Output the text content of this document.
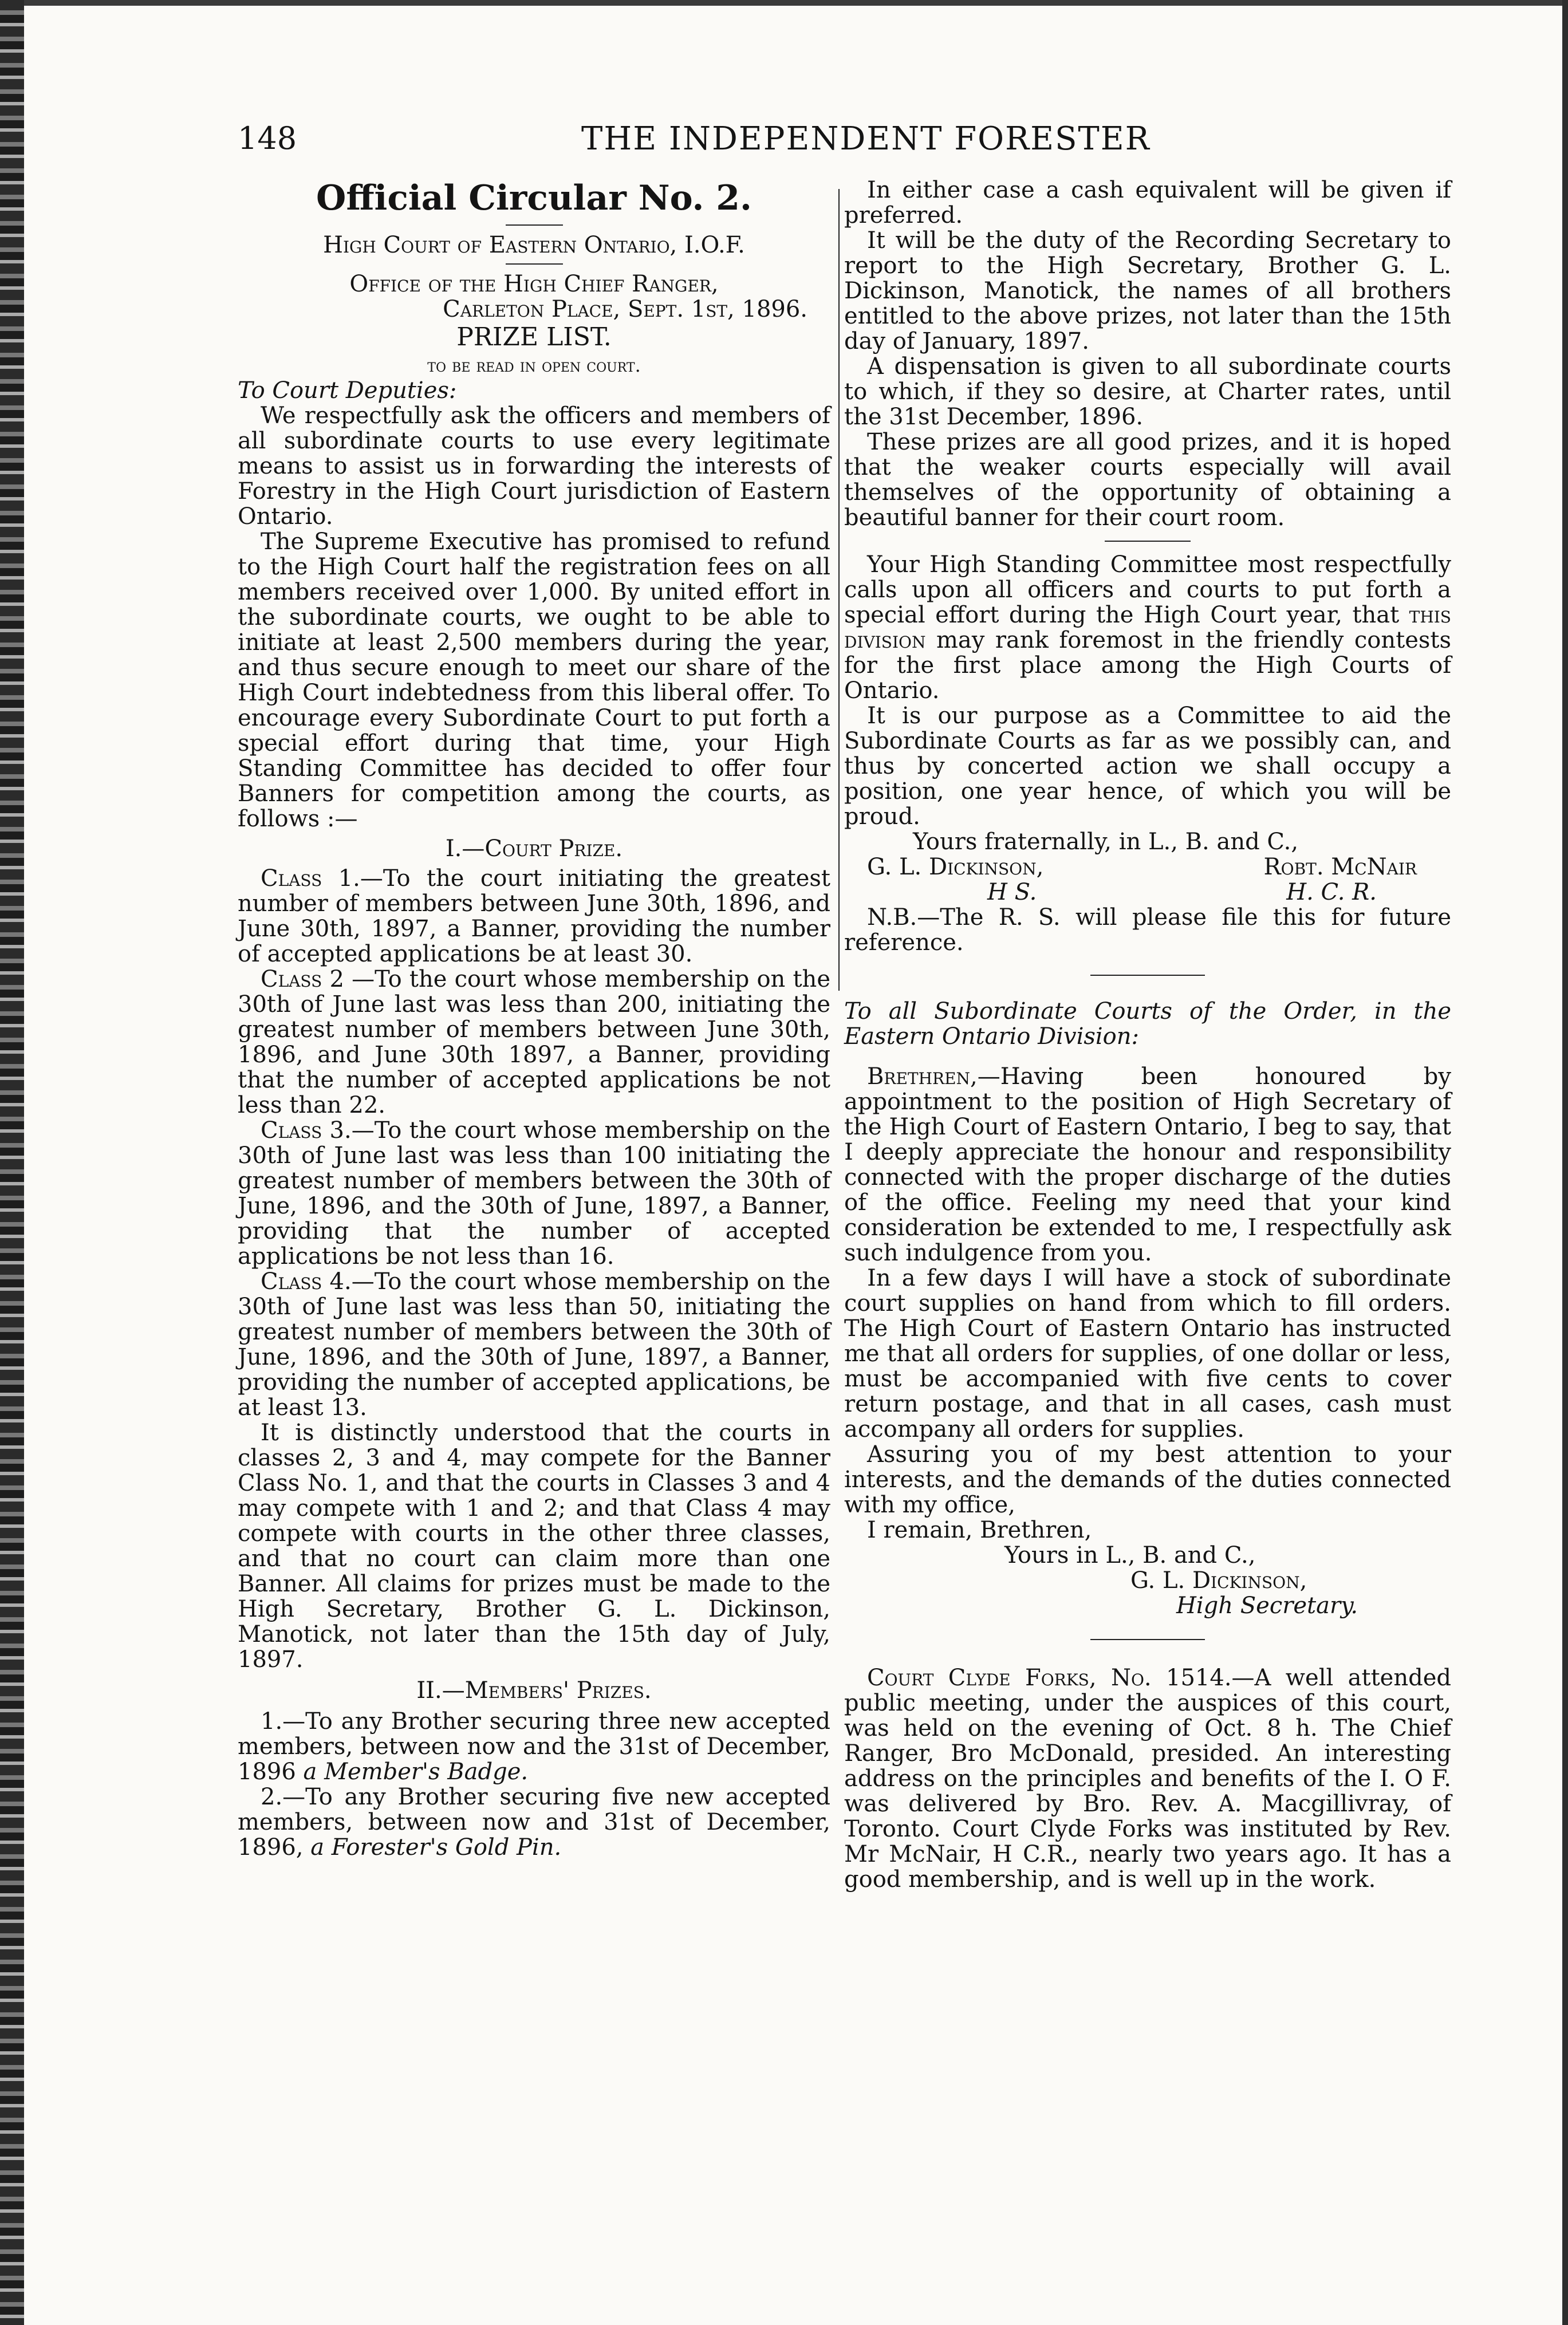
148	THE INDEPENDENT FORESTER

Official Circular No. 2.

High Court of Eastern Ontario, I.O.F.

Office of the High Chief Ranger,

Carleton Place, Sept. 1st, 1896.

PRIZE LIST.

to be read in open court.

To Court Deputies:

We respectfully ask the officers and members of all subordinate courts to use every legitimate means to assist us in forwarding the interests of Forestry in the High Court jurisdiction of Eastern Ontario.

The Supreme Executive has promised to refund to the High Court half the registration fees on all members received over 1,000. By united effort in the subordinate courts, we ought to be able to initiate at least 2,500 members during the year, and thus secure enough to meet our share of the High Court indebtedness from this liberal offer. To encourage every Subordinate Court to put forth a special effort during that time, your High Standing Committee has decided to offer four Banners for competition among the courts, as follows :—

I.—Court Prize.

Class 1.—To the court initiating the greatest number of members between June 30th, 1896, and June 30th, 1897, a Banner, providing the number of accepted applications be at least 30.

Class 2 —To the court whose membership on the 30th of June last was less than 200, initiating the greatest number of members between June 30th, 1896, and June 30th 1897, a Banner, providing that the number of accepted applications be not less than 22.

Class 3.—To the court whose membership on the 30th of June last was less than 100 initiating the greatest number of members between the 30th of June, 1896, and the 30th of June, 1897, a Banner, providing that the number of accepted applications be not less than 16.

Class 4.—To the court whose membership on the 30th of June last was less than 50, initiating the greatest number of members between the 30th of June, 1896, and the 30th of June, 1897, a Banner, providing the number of accepted applications, be at least 13.

It is distinctly understood that the courts in classes 2, 3 and 4, may compete for the Banner Class No. 1, and that the courts in Classes 3 and 4 may compete with 1 and 2; and that Class 4 may compete with courts in the other three classes, and that no court can claim more than one Banner. All claims for prizes must be made to the High Secretary, Brother G. L. Dickinson, Manotick, not later than the 15th day of July, 1897.

II.—Members' Prizes.

1.—To any Brother securing three new accepted members, between now and the 31st of December, 1896 a Member's Badge.

2.—To any Brother securing five new accepted members, between now and 31st of December, 1896, a Forester's Gold Pin.

In either case a cash equivalent will be given if preferred.

It will be the duty of the Recording Secretary to report to the High Secretary, Brother G. L. Dickinson, Manotick, the names of all brothers entitled to the above prizes, not later than the 15th day of January, 1897.

A dispensation is given to all subordinate courts to which, if they so desire, at Charter rates, until the 31st December, 1896.

These prizes are all good prizes, and it is hoped that the weaker courts especially will avail themselves of the opportunity of obtaining a beautiful banner for their court room.

Your High Standing Committee most respectfully calls upon all officers and courts to put forth a special effort during the High Court year, that this division may rank foremost in the friendly contests for the first place among the High Courts of Ontario.

It is our purpose as a Committee to aid the Subordinate Courts as far as we possibly can, and thus by concerted action we shall occupy a position, one year hence, of which you will be proud.

Yours fraternally, in L., B. and C.,

G. L. Dickinson,	Robt. McNair
H S.	H. C. R.

N.B.—The R. S. will please file this for future reference.

To all Subordinate Courts of the Order, in the Eastern Ontario Division:

Brethren,—Having been honoured by appointment to the position of High Secretary of the High Court of Eastern Ontario, I beg to say, that I deeply appreciate the honour and responsibility connected with the proper discharge of the duties of the office. Feeling my need that your kind consideration be extended to me, I respectfully ask such indulgence from you.

In a few days I will have a stock of subordinate court supplies on hand from which to fill orders. The High Court of Eastern Ontario has instructed me that all orders for supplies, of one dollar or less, must be accompanied with five cents to cover return postage, and that in all cases, cash must accompany all orders for supplies.

Assuring you of my best attention to your interests, and the demands of the duties connected with my office,

I remain, Brethren,

Yours in L., B. and C.,

G. L. Dickinson,

High Secretary.

Court Clyde Forks, No. 1514.—A well attended public meeting, under the auspices of this court, was held on the evening of Oct. 8 h. The Chief Ranger, Bro McDonald, presided. An interesting address on the principles and benefits of the I. O F. was delivered by Bro. Rev. A. Macgillivray, of Toronto. Court Clyde Forks was instituted by Rev. Mr McNair, H C.R., nearly two years ago. It has a good membership, and is well up in the work.
